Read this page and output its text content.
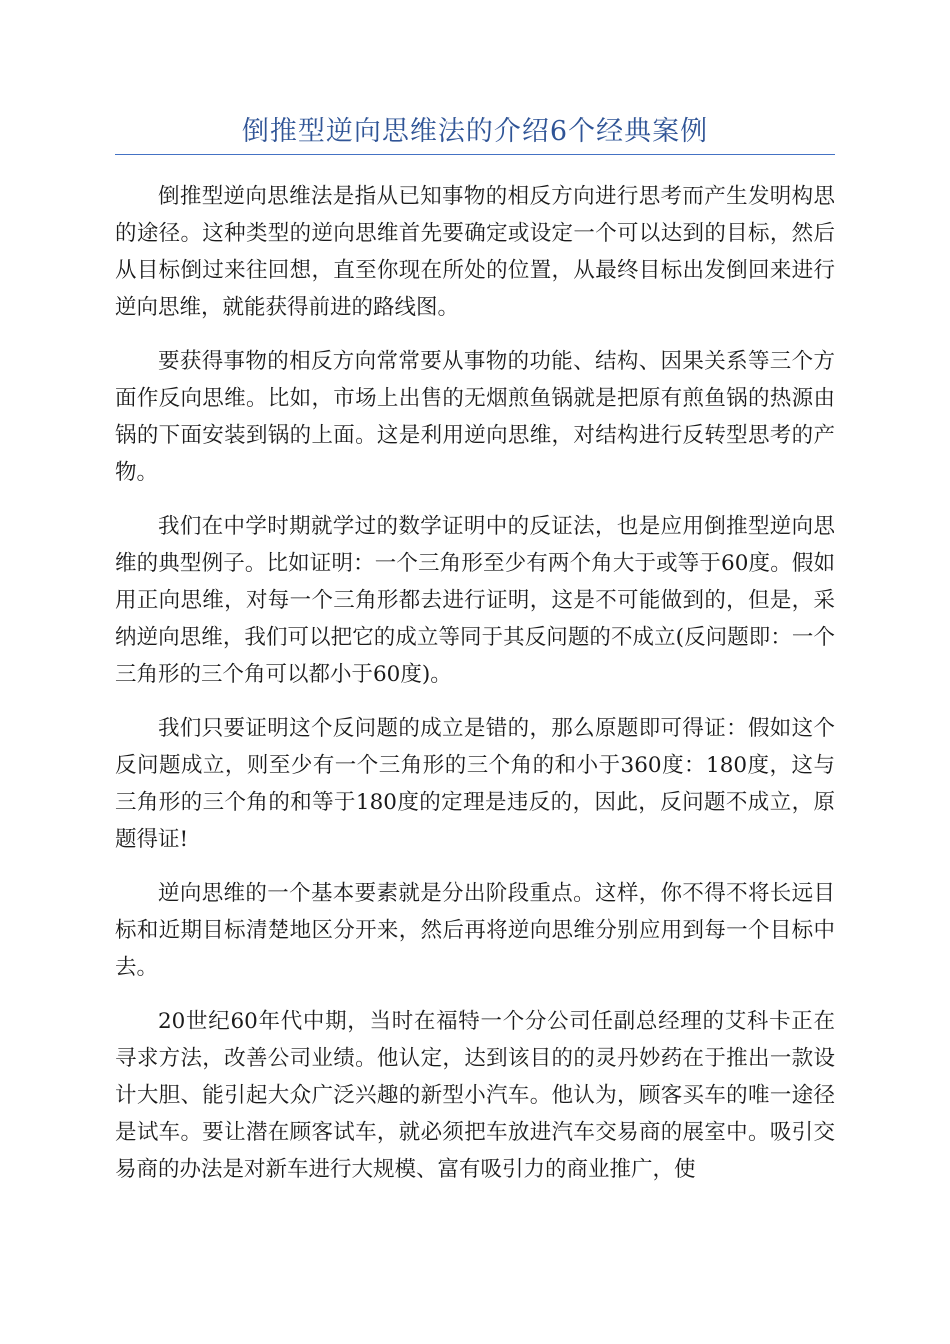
倒推型逆向思维法的介绍6个经典案例

倒推型逆向思维法是指从已知事物的相反方向进行思考而产生发明构思的途径。这种类型的逆向思维首先要确定或设定一个可以达到的目标，然后从目标倒过来往回想，直至你现在所处的位置，从最终目标出发倒回来进行逆向思维，就能获得前进的路线图。

要获得事物的相反方向常常要从事物的功能、结构、因果关系等三个方面作反向思维。比如，市场上出售的无烟煎鱼锅就是把原有煎鱼锅的热源由锅的下面安装到锅的上面。这是利用逆向思维，对结构进行反转型思考的产物。

我们在中学时期就学过的数学证明中的反证法，也是应用倒推型逆向思维的典型例子。比如证明：一个三角形至少有两个角大于或等于60度。假如用正向思维，对每一个三角形都去进行证明，这是不可能做到的，但是，采纳逆向思维，我们可以把它的成立等同于其反问题的不成立(反问题即：一个三角形的三个角可以都小于60度)。

我们只要证明这个反问题的成立是错的，那么原题即可得证：假如这个反问题成立，则至少有一个三角形的三个角的和小于360度：180度，这与三角形的三个角的和等于180度的定理是违反的，因此，反问题不成立，原题得证!

逆向思维的一个基本要素就是分出阶段重点。这样，你不得不将长远目标和近期目标清楚地区分开来，然后再将逆向思维分别应用到每一个目标中去。

20世纪60年代中期，当时在福特一个分公司任副总经理的艾科卡正在寻求方法，改善公司业绩。他认定，达到该目的的灵丹妙药在于推出一款设计大胆、能引起大众广泛兴趣的新型小汽车。他认为，顾客买车的唯一途径是试车。要让潜在顾客试车，就必须把车放进汽车交易商的展室中。吸引交易商的办法是对新车进行大规模、富有吸引力的商业推广，使
